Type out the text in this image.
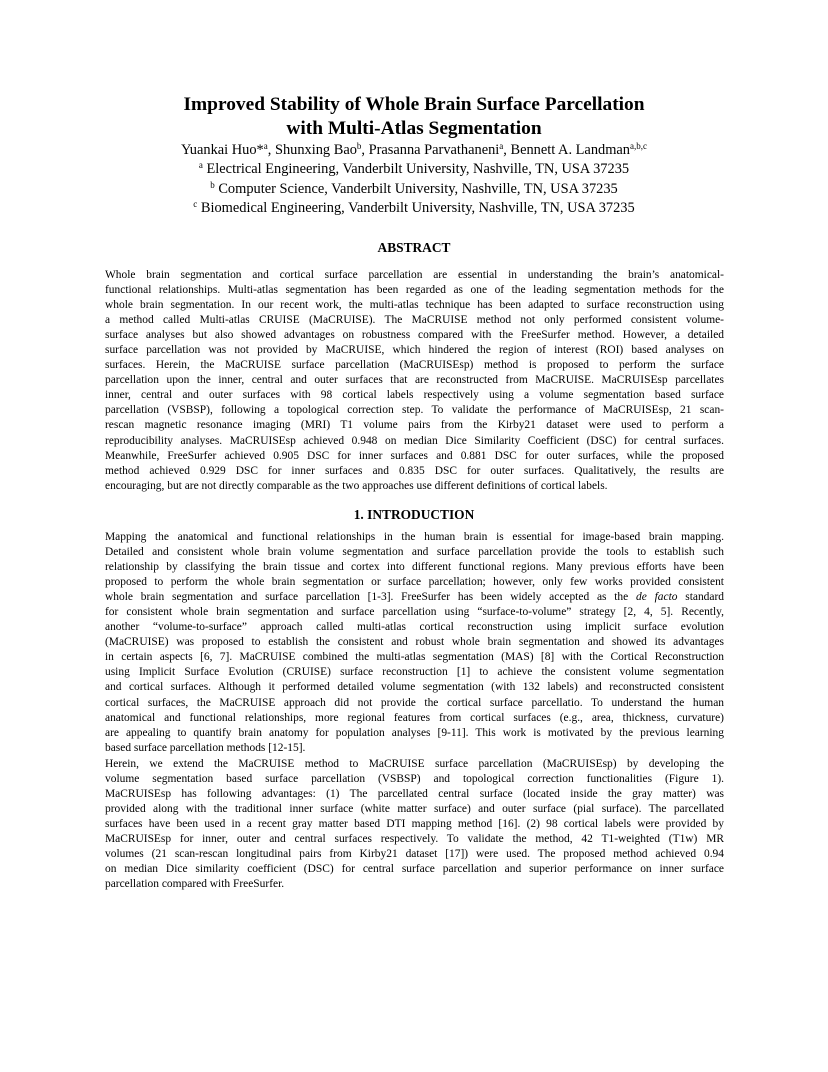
Improved Stability of Whole Brain Surface Parcellation
with Multi-Atlas Segmentation
Yuankai Huo*$^a$, Shunxing Bao$^b$, Prasanna Parvathaneni$^a$, Bennett A. Landman$^{a,b,c}$
$^a$ Electrical Engineering, Vanderbilt University, Nashville, TN, USA 37235
$^b$ Computer Science, Vanderbilt University, Nashville, TN, USA 37235
$^c$ Biomedical Engineering, Vanderbilt University, Nashville, TN, USA 37235
ABSTRACT
Whole brain segmentation and cortical surface parcellation are essential in understanding the brain’s anatomical-
functional relationships. Multi-atlas segmentation has been regarded as one of the leading segmentation methods for the
whole brain segmentation. In our recent work, the multi-atlas technique has been adapted to surface reconstruction using
a method called Multi-atlas CRUISE (MaCRUISE). The MaCRUISE method not only performed consistent volume-
surface analyses but also showed advantages on robustness compared with the FreeSurfer method. However, a detailed
surface parcellation was not provided by MaCRUISE, which hindered the region of interest (ROI) based analyses on
surfaces. Herein, the MaCRUISE surface parcellation (MaCRUISEsp) method is proposed to perform the surface
parcellation upon the inner, central and outer surfaces that are reconstructed from MaCRUISE. MaCRUISEsp parcellates
inner, central and outer surfaces with 98 cortical labels respectively using a volume segmentation based surface
parcellation (VSBSP), following a topological correction step. To validate the performance of MaCRUISEsp, 21 scan-
rescan magnetic resonance imaging (MRI) T1 volume pairs from the Kirby21 dataset were used to perform a
reproducibility analyses. MaCRUISEsp achieved 0.948 on median Dice Similarity Coefficient (DSC) for central surfaces.
Meanwhile, FreeSurfer achieved 0.905 DSC for inner surfaces and 0.881 DSC for outer surfaces, while the proposed
method achieved 0.929 DSC for inner surfaces and 0.835 DSC for outer surfaces. Qualitatively, the results are
encouraging, but are not directly comparable as the two approaches use different definitions of cortical labels.
1. INTRODUCTION
Mapping the anatomical and functional relationships in the human brain is essential for image-based brain mapping.
Detailed and consistent whole brain volume segmentation and surface parcellation provide the tools to establish such
relationship by classifying the brain tissue and cortex into different functional regions. Many previous efforts have been
proposed to perform the whole brain segmentation or surface parcellation; however, only few works provided consistent
whole brain segmentation and surface parcellation [1-3]. FreeSurfer has been widely accepted as the de facto standard
for consistent whole brain segmentation and surface parcellation using “surface-to-volume” strategy [2, 4, 5]. Recently,
another “volume-to-surface” approach called multi-atlas cortical reconstruction using implicit surface evolution
(MaCRUISE) was proposed to establish the consistent and robust whole brain segmentation and showed its advantages
in certain aspects [6, 7]. MaCRUISE combined the multi-atlas segmentation (MAS) [8] with the Cortical Reconstruction
using Implicit Surface Evolution (CRUISE) surface reconstruction [1] to achieve the consistent volume segmentation
and cortical surfaces. Although it performed detailed volume segmentation (with 132 labels) and reconstructed consistent
cortical surfaces, the MaCRUISE approach did not provide the cortical surface parcellatio. To understand the human
anatomical and functional relationships, more regional features from cortical surfaces (e.g., area, thickness, curvature)
are appealing to quantify brain anatomy for population analyses [9-11]. This work is motivated by the previous learning
based surface parcellation methods [12-15].
Herein, we extend the MaCRUISE method to MaCRUISE surface parcellation (MaCRUISEsp) by developing the
volume segmentation based surface parcellation (VSBSP) and topological correction functionalities (Figure 1).
MaCRUISEsp has following advantages: (1) The parcellated central surface (located inside the gray matter) was
provided along with the traditional inner surface (white matter surface) and outer surface (pial surface). The parcellated
surfaces have been used in a recent gray matter based DTI mapping method [16]. (2) 98 cortical labels were provided by
MaCRUISEsp for inner, outer and central surfaces respectively. To validate the method, 42 T1-weighted (T1w) MR
volumes (21 scan-rescan longitudinal pairs from Kirby21 dataset [17]) were used. The proposed method achieved 0.94
on median Dice similarity coefficient (DSC) for central surface parcellation and superior performance on inner surface
parcellation compared with FreeSurfer.
